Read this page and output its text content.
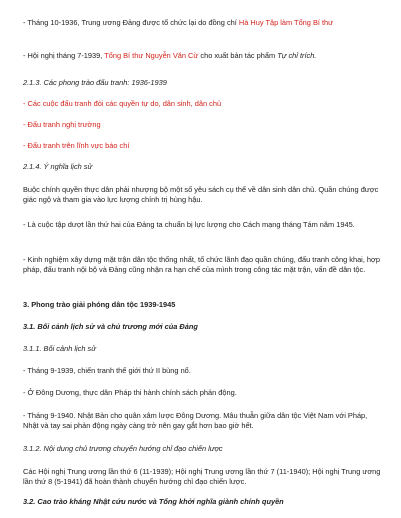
- Tháng 10-1936, Trung ương Đảng được tổ chức lại do đồng chí Hà Huy Tập làm Tổng Bí thư

- Hội nghị tháng 7-1939, Tổng Bí thư Nguyễn Văn Cừ cho xuất bản tác phẩm Tự chỉ trích.

2.1.3. Các phong trào đấu tranh: 1936-1939

- Các cuộc đấu tranh đòi các quyền tự do, dân sinh, dân chủ

- Đấu tranh nghị trường

- Đấu tranh trên lĩnh vực báo chí

2.1.4. Ý nghĩa lịch sử

Buộc chính quyền thực dân phải nhượng bộ một số yêu sách cụ thể về dân sinh dân chủ. Quần chúng được giác ngộ và tham gia vào lực lượng chính trị hùng hậu.

- Là cuộc tập dượt lần thứ hai của Đảng ta chuẩn bị lực lượng cho Cách mạng tháng Tám năm 1945.

- Kinh nghiệm xây dựng mặt trận dân tộc thống nhất, tổ chức lãnh đạo quần chúng, đấu tranh công khai, hợp pháp, đấu tranh nội bộ và Đảng cũng nhận ra hạn chế của mình trong công tác mặt trận, vấn đề dân tộc.

3. Phong trào giải phóng dân tộc 1939-1945

3.1. Bối cảnh lịch sử và chủ trương mới của Đảng

3.1.1. Bối cảnh lịch sử

- Tháng 9-1939, chiến tranh thế giới thứ II bùng nổ.

- Ở Đông Dương, thực dân Pháp thi hành chính sách phản động.

- Tháng 9-1940. Nhật Bản cho quân xâm lược Đông Dương. Mâu thuẫn giữa dân tộc Việt Nam với Pháp, Nhật và tay sai phản động ngày càng trở nên gay gắt hơn bao giờ hết.

3.1.2. Nội dung chủ trương chuyển hướng chỉ đạo chiến lược

Các Hội nghị Trung ương lần thứ 6 (11-1939); Hội nghị Trung ương lần thứ 7 (11-1940); Hội nghị Trung ương lần thứ 8 (5-1941) đã hoàn thành chuyển hướng chỉ đạo chiến lược.

3.2. Cao trào kháng Nhật cứu nước và Tổng khởi nghĩa giành chính quyền
